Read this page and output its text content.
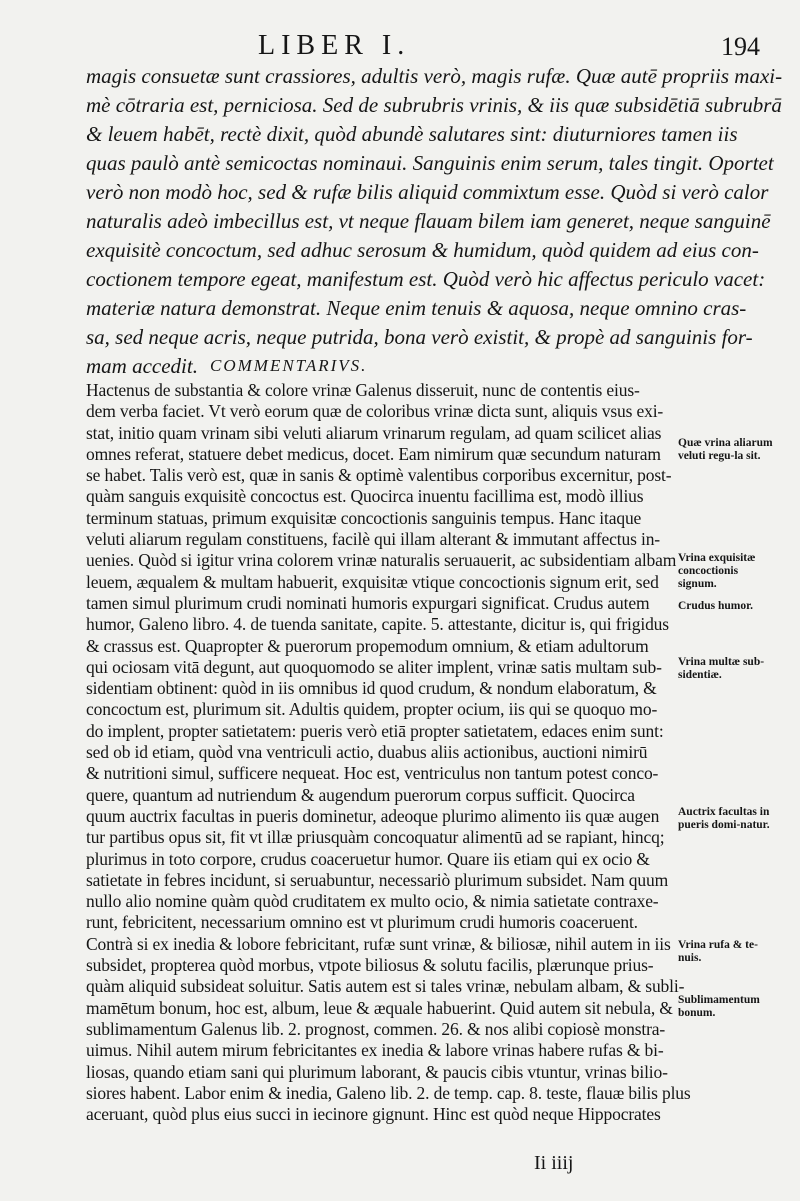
LIBER I.	194

magis consuetæ sunt crassiores, adultis verò, magis rufæ. Quæ autē propriis maxi-

mè cōtraria est, perniciosa. Sed de subrubris vrinis, & iis quæ subsidētiā subrubrā

& leuem habēt, rectè dixit, quòd abundè salutares sint: diuturniores tamen iis

quas paulò antè semicoctas nominaui. Sanguinis enim serum, tales tingit. Oportet

verò non modò hoc, sed & rufæ bilis aliquid commixtum esse. Quòd si verò calor

naturalis adeò imbecillus est, vt neque flauam bilem iam generet, neque sanguinē

exquisitè concoctum, sed adhuc serosum & humidum, quòd quidem ad eius con-

coctionem tempore egeat, manifestum est. Quòd verò hic affectus periculo vacet:

materiæ natura demonstrat. Neque enim tenuis & aquosa, neque omnino cras-

sa, sed neque acris, neque putrida, bona verò existit, & propè ad sanguinis for-

mam accedit. COMMENTARIVS.

Hactenus de substantia & colore vrinæ Galenus disseruit, nunc de contentis eius-

dem verba faciet. Vt verò eorum quæ de coloribus vrinæ dicta sunt, aliquis vsus exi-

stat, initio quam vrinam sibi veluti aliarum vrinarum regulam, ad quam scilicet alias

omnes referat, statuere debet medicus, docet. Eam nimirum quæ secundum naturam

se habet. Talis verò est, quæ in sanis & optimè valentibus corporibus excernitur, post-

quàm sanguis exquisitè concoctus est. Quocirca inuentu facillima est, modò illius

terminum statuas, primum exquisitæ concoctionis sanguinis tempus. Hanc itaque

veluti aliarum regulam constituens, facilè qui illam alterant & immutant affectus in-

uenies. Quòd si igitur vrina colorem vrinæ naturalis seruauerit, ac subsidentiam albam

leuem, æqualem & multam habuerit, exquisitæ vtique concoctionis signum erit, sed

tamen simul plurimum crudi nominati humoris expurgari significat. Crudus autem

humor, Galeno libro. 4. de tuenda sanitate, capite. 5. attestante, dicitur is, qui frigidus

& crassus est. Quapropter & puerorum propemodum omnium, & etiam adultorum

qui ociosam vitā degunt, aut quoquomodo se aliter implent, vrinæ satis multam sub-

sidentiam obtinent: quòd in iis omnibus id quod crudum, & nondum elaboratum, &

concoctum est, plurimum sit. Adultis quidem, propter ocium, iis qui se quoquo mo-

do implent, propter satietatem: pueris verò etiā propter satietatem, edaces enim sunt:

sed ob id etiam, quòd vna ventriculi actio, duabus aliis actionibus, auctioni nimirū

& nutritioni simul, sufficere nequeat. Hoc est, ventriculus non tantum potest conco-

quere, quantum ad nutriendum & augendum puerorum corpus sufficit. Quocirca

quum auctrix facultas in pueris dominetur, adeoque plurimo alimento iis quæ augen

tur partibus opus sit, fit vt illæ priusquàm concoquatur alimentū ad se rapiant, hincq;

plurimus in toto corpore, crudus coaceruetur humor. Quare iis etiam qui ex ocio &

satietate in febres incidunt, si seruabuntur, necessariò plurimum subsidet. Nam quum

nullo alio nomine quàm quòd cruditatem ex multo ocio, & nimia satietate contraxe-

runt, febricitent, necessarium omnino est vt plurimum crudi humoris coaceruent.

Contrà si ex inedia & lobore febricitant, rufæ sunt vrinæ, & biliosæ, nihil autem in iis

subsidet, propterea quòd morbus, vtpote biliosus & solutu facilis, plærunque prius-

quàm aliquid subsideat soluitur. Satis autem est si tales vrinæ, nebulam albam, & subli-

mamētum bonum, hoc est, album, leue & æquale habuerint. Quid autem sit nebula, &

sublimamentum Galenus lib. 2. prognost, commen. 26. & nos alibi copiosè monstra-

uimus. Nihil autem mirum febricitantes ex inedia & labore vrinas habere rufas & bi-

liosas, quando etiam sani qui plurimum laborant, & paucis cibis vtuntur, vrinas biliο-

siores habent. Labor enim & inedia, Galeno lib. 2. de temp. cap. 8. teste, flauæ bilis plus

aceruant, quòd plus eius succi in iecinore gignunt. Hinc est quòd neque Hippocrates

Quæ vrina aliarum veluti regu-la sit.
Vrina exquisitæ concoctionis signum.
Crudus humor.
Vrina multæ sub-sidentiæ.
Auctrix facultas in pueris domi-natur.
Vrina rufa & te-nuis.
Sublimamentum bonum.
Ii iiij
